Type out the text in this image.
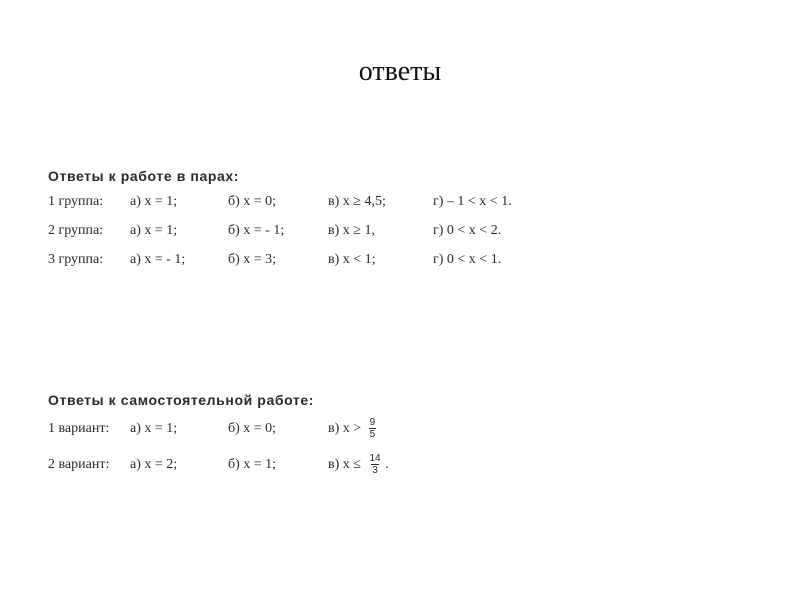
ответы
Ответы к работе в парах:
1 группа:	а) x = 1;	б) x = 0;	в) x ≥ 4,5;	г) – 1 < x < 1.
2 группа:	а) x = 1;	б) x = - 1;	в) x ≥ 1,	г) 0 < x < 2.
3 группа:	а) x = - 1;	б) x = 3;	в) x < 1;	г) 0 < x < 1.
Ответы к самостоятельной работе:
1 вариант:	а) x = 1;	б) x = 0;	в) $x > \frac{9}{5}$
2 вариант:	а) x = 2;	б) x = 1;	в) $x \le \frac{14}{3}$ .
